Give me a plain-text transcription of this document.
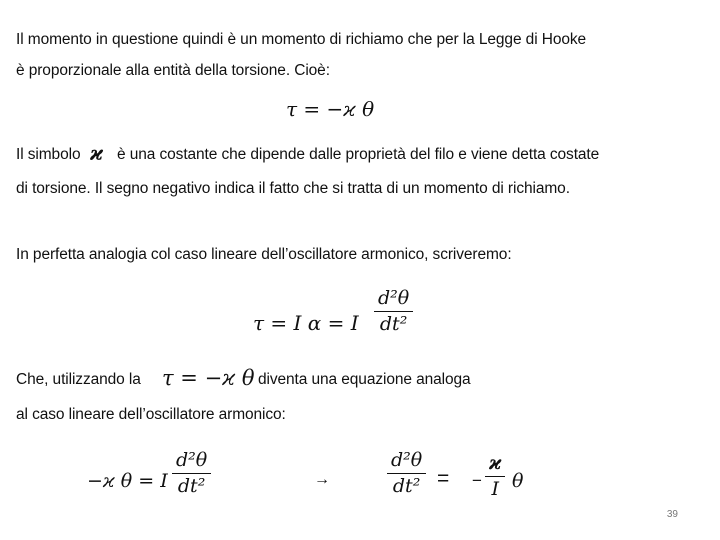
Il momento in questione quindi è un momento di richiamo che per la Legge di Hooke
è proporzionale alla entità della torsione. Cioè:
τ = −ϰ θ
Il simbolo ϰ è una costante che dipende dalle proprietà del filo e viene detta costate
di torsione. Il segno negativo indica il fatto che si tratta di un momento di richiamo.
In perfetta analogia col caso lineare dell’oscillatore armonico, scriveremo:
τ = I α = I
d²θ
dt²
Che, utilizzando la τ = −ϰ θ diventa una equazione analoga
al caso lineare dell’oscillatore armonico:
−ϰ θ = I
d²θ
dt²	→
d²θ
dt² = −
ϰ
I θ
39
